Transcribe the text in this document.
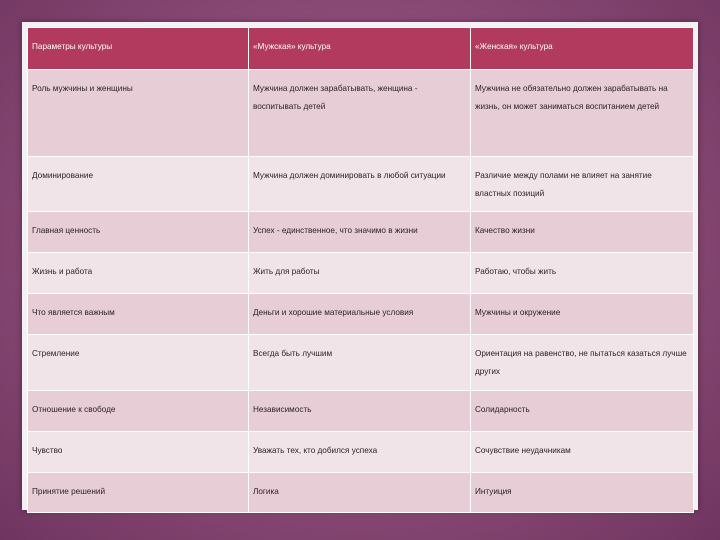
Параметры культуры	«Мужская» культура	«Женская» культура
Роль мужчины и женщины	Мужчина должен зарабатывать, женщина - воспитывать детей	Мужчина не обязательно должен зарабатывать на жизнь, он может заниматься воспитанием детей
Доминирование	Мужчина должен доминировать в любой ситуации	Различие между полами не влияет на занятие властных позиций
Главная ценность	Успех - единственное, что значимо в жизни	Качество жизни
Жизнь и работа	Жить для работы	Работаю, чтобы жить
Что является важным	Деньги и хорошие материальные условия	Мужчины и окружение
Стремление	Всегда быть лучшим	Ориентация на равенство, не пытаться казаться лучше других
Отношение к свободе	Независимость	Солидарность
Чувство	Уважать тех, кто добился успеха	Сочувствие неудачникам
Принятие решений	Логика	Интуиция
